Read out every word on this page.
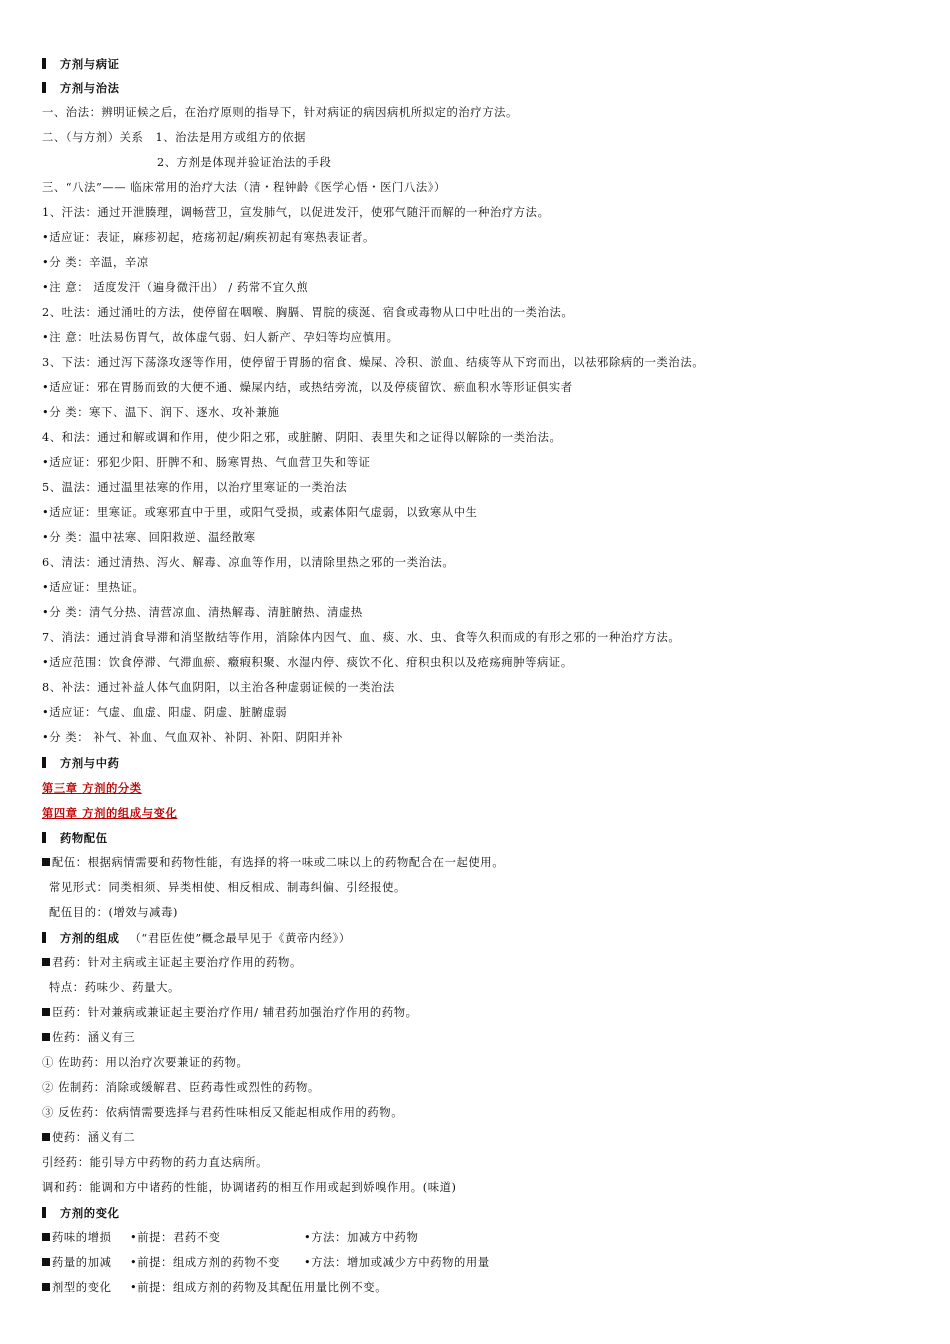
方剂与病证
方剂与治法
一、治法：辨明证候之后，在治疗原则的指导下，针对病证的病因病机所拟定的治疗方法。
二、（与方剂）关系 1、治法是用方或组方的依据
2、方剂是体现并验证治法的手段
三、“八法”—— 临床常用的治疗大法（清・程钟龄《医学心悟・医门八法》）
1、汗法：通过开泄腠理，调畅营卫，宣发肺气，以促进发汗，使邪气随汗而解的一种治疗方法。
•适应证：表证，麻疹初起，疮疡初起/痢疾初起有寒热表证者。
•分 类：辛温，辛凉
•注 意： 适度发汗（遍身微汗出） / 药常不宜久煎
2、吐法：通过涌吐的方法，使停留在咽喉、胸膈、胃脘的痰涎、宿食或毒物从口中吐出的一类治法。
•注 意：吐法易伤胃气，故体虚气弱、妇人新产、孕妇等均应慎用。
3、下法：通过泻下荡涤攻逐等作用，使停留于胃肠的宿食、燥屎、冷积、淤血、结痰等从下窍而出，以祛邪除病的一类治法。
•适应证：邪在胃肠而致的大便不通、燥屎内结，或热结旁流，以及停痰留饮、瘀血积水等形证俱实者
•分 类：寒下、温下、润下、逐水、攻补兼施
4、和法：通过和解或调和作用，使少阳之邪，或脏腑、阴阳、表里失和之证得以解除的一类治法。
•适应证：邪犯少阳、肝脾不和、肠寒胃热、气血营卫失和等证
5、温法：通过温里祛寒的作用，以治疗里寒证的一类治法
•适应证：里寒证。或寒邪直中于里，或阳气受损，或素体阳气虚弱，以致寒从中生
•分 类：温中祛寒、回阳救逆、温经散寒
6、清法：通过清热、泻火、解毒、凉血等作用，以清除里热之邪的一类治法。
•适应证：里热证。
•分 类：清气分热、清营凉血、清热解毒、清脏腑热、清虚热
7、消法：通过消食导滞和消坚散结等作用，消除体内因气、血、痰、水、虫、食等久积而成的有形之邪的一种治疗方法。
•适应范围：饮食停滞、气滞血瘀、癥瘕积聚、水湿内停、痰饮不化、疳积虫积以及疮疡痈肿等病证。
8、补法：通过补益人体气血阴阳，以主治各种虚弱证候的一类治法
•适应证：气虚、血虚、阳虚、阴虚、脏腑虚弱
•分 类： 补气、补血、气血双补、补阴、补阳、阴阳并补
方剂与中药
第三章 方剂的分类
第四章 方剂的组成与变化
药物配伍
配伍：根据病情需要和药物性能，有选择的将一味或二味以上的药物配合在一起使用。
常见形式：同类相须、异类相使、相反相成、制毒纠偏、引经报使。
配伍目的：(增效与减毒)
方剂的组成 （“君臣佐使”概念最早见于《黄帝内经》）
君药：针对主病或主证起主要治疗作用的药物。
特点：药味少、药量大。
臣药：针对兼病或兼证起主要治疗作用/ 辅君药加强治疗作用的药物。
佐药：涵义有三
① 佐助药：用以治疗次要兼证的药物。
② 佐制药：消除或缓解君、臣药毒性或烈性的药物。
③ 反佐药：依病情需要选择与君药性味相反又能起相成作用的药物。
使药：涵义有二
引经药：能引导方中药物的药力直达病所。
调和药：能调和方中诸药的性能，协调诸药的相互作用或起到娇嗅作用。(味道)
方剂的变化
药味的增损 •前提：君药不变	•方法：加减方中药物
药量的加减 •前提：组成方剂的药物不变 •方法：增加或减少方中药物的用量
剂型的变化 •前提：组成方剂的药物及其配伍用量比例不变。
